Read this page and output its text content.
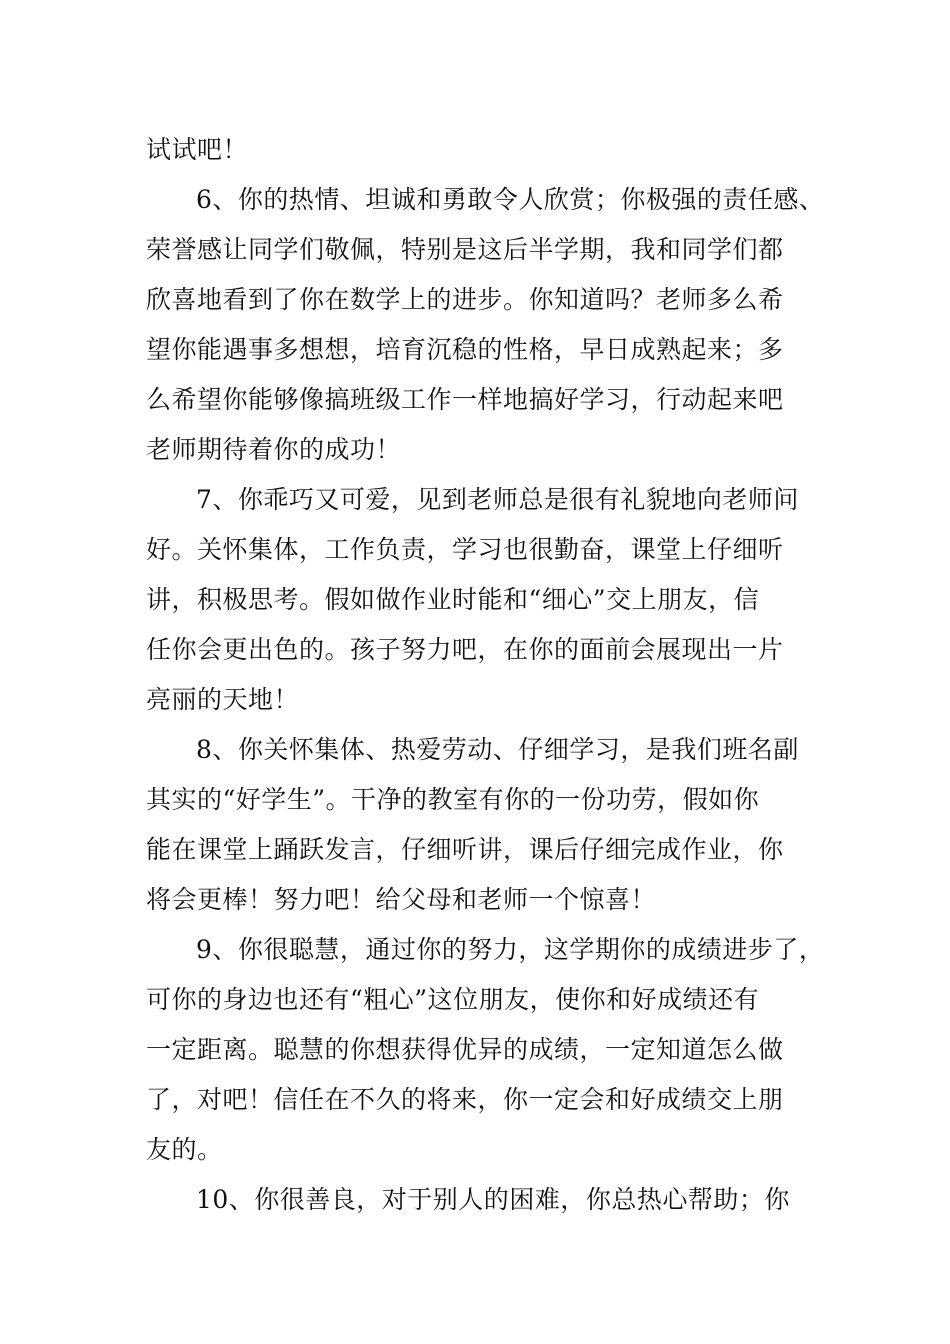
试试吧！
6、你的热情、坦诚和勇敢令人欣赏；你极强的责任感、
荣誉感让同学们敬佩，特别是这后半学期，我和同学们都
欣喜地看到了你在数学上的进步。你知道吗？老师多么希
望你能遇事多想想，培育沉稳的性格，早日成熟起来；多
么希望你能够像搞班级工作一样地搞好学习，行动起来吧
老师期待着你的成功！
7、你乖巧又可爱，见到老师总是很有礼貌地向老师问
好。关怀集体，工作负责，学习也很勤奋，课堂上仔细听
讲，积极思考。假如做作业时能和“细心”交上朋友，信
任你会更出色的。孩子努力吧，在你的面前会展现出一片
亮丽的天地！
8、你关怀集体、热爱劳动、仔细学习，是我们班名副
其实的“好学生”。干净的教室有你的一份功劳，假如你
能在课堂上踊跃发言，仔细听讲，课后仔细完成作业，你
将会更棒！努力吧！给父母和老师一个惊喜！
9、你很聪慧，通过你的努力，这学期你的成绩进步了，
可你的身边也还有“粗心”这位朋友，使你和好成绩还有
一定距离。聪慧的你想获得优异的成绩，一定知道怎么做
了，对吧！信任在不久的将来，你一定会和好成绩交上朋
友的。
10、你很善良，对于别人的困难，你总热心帮助；你
